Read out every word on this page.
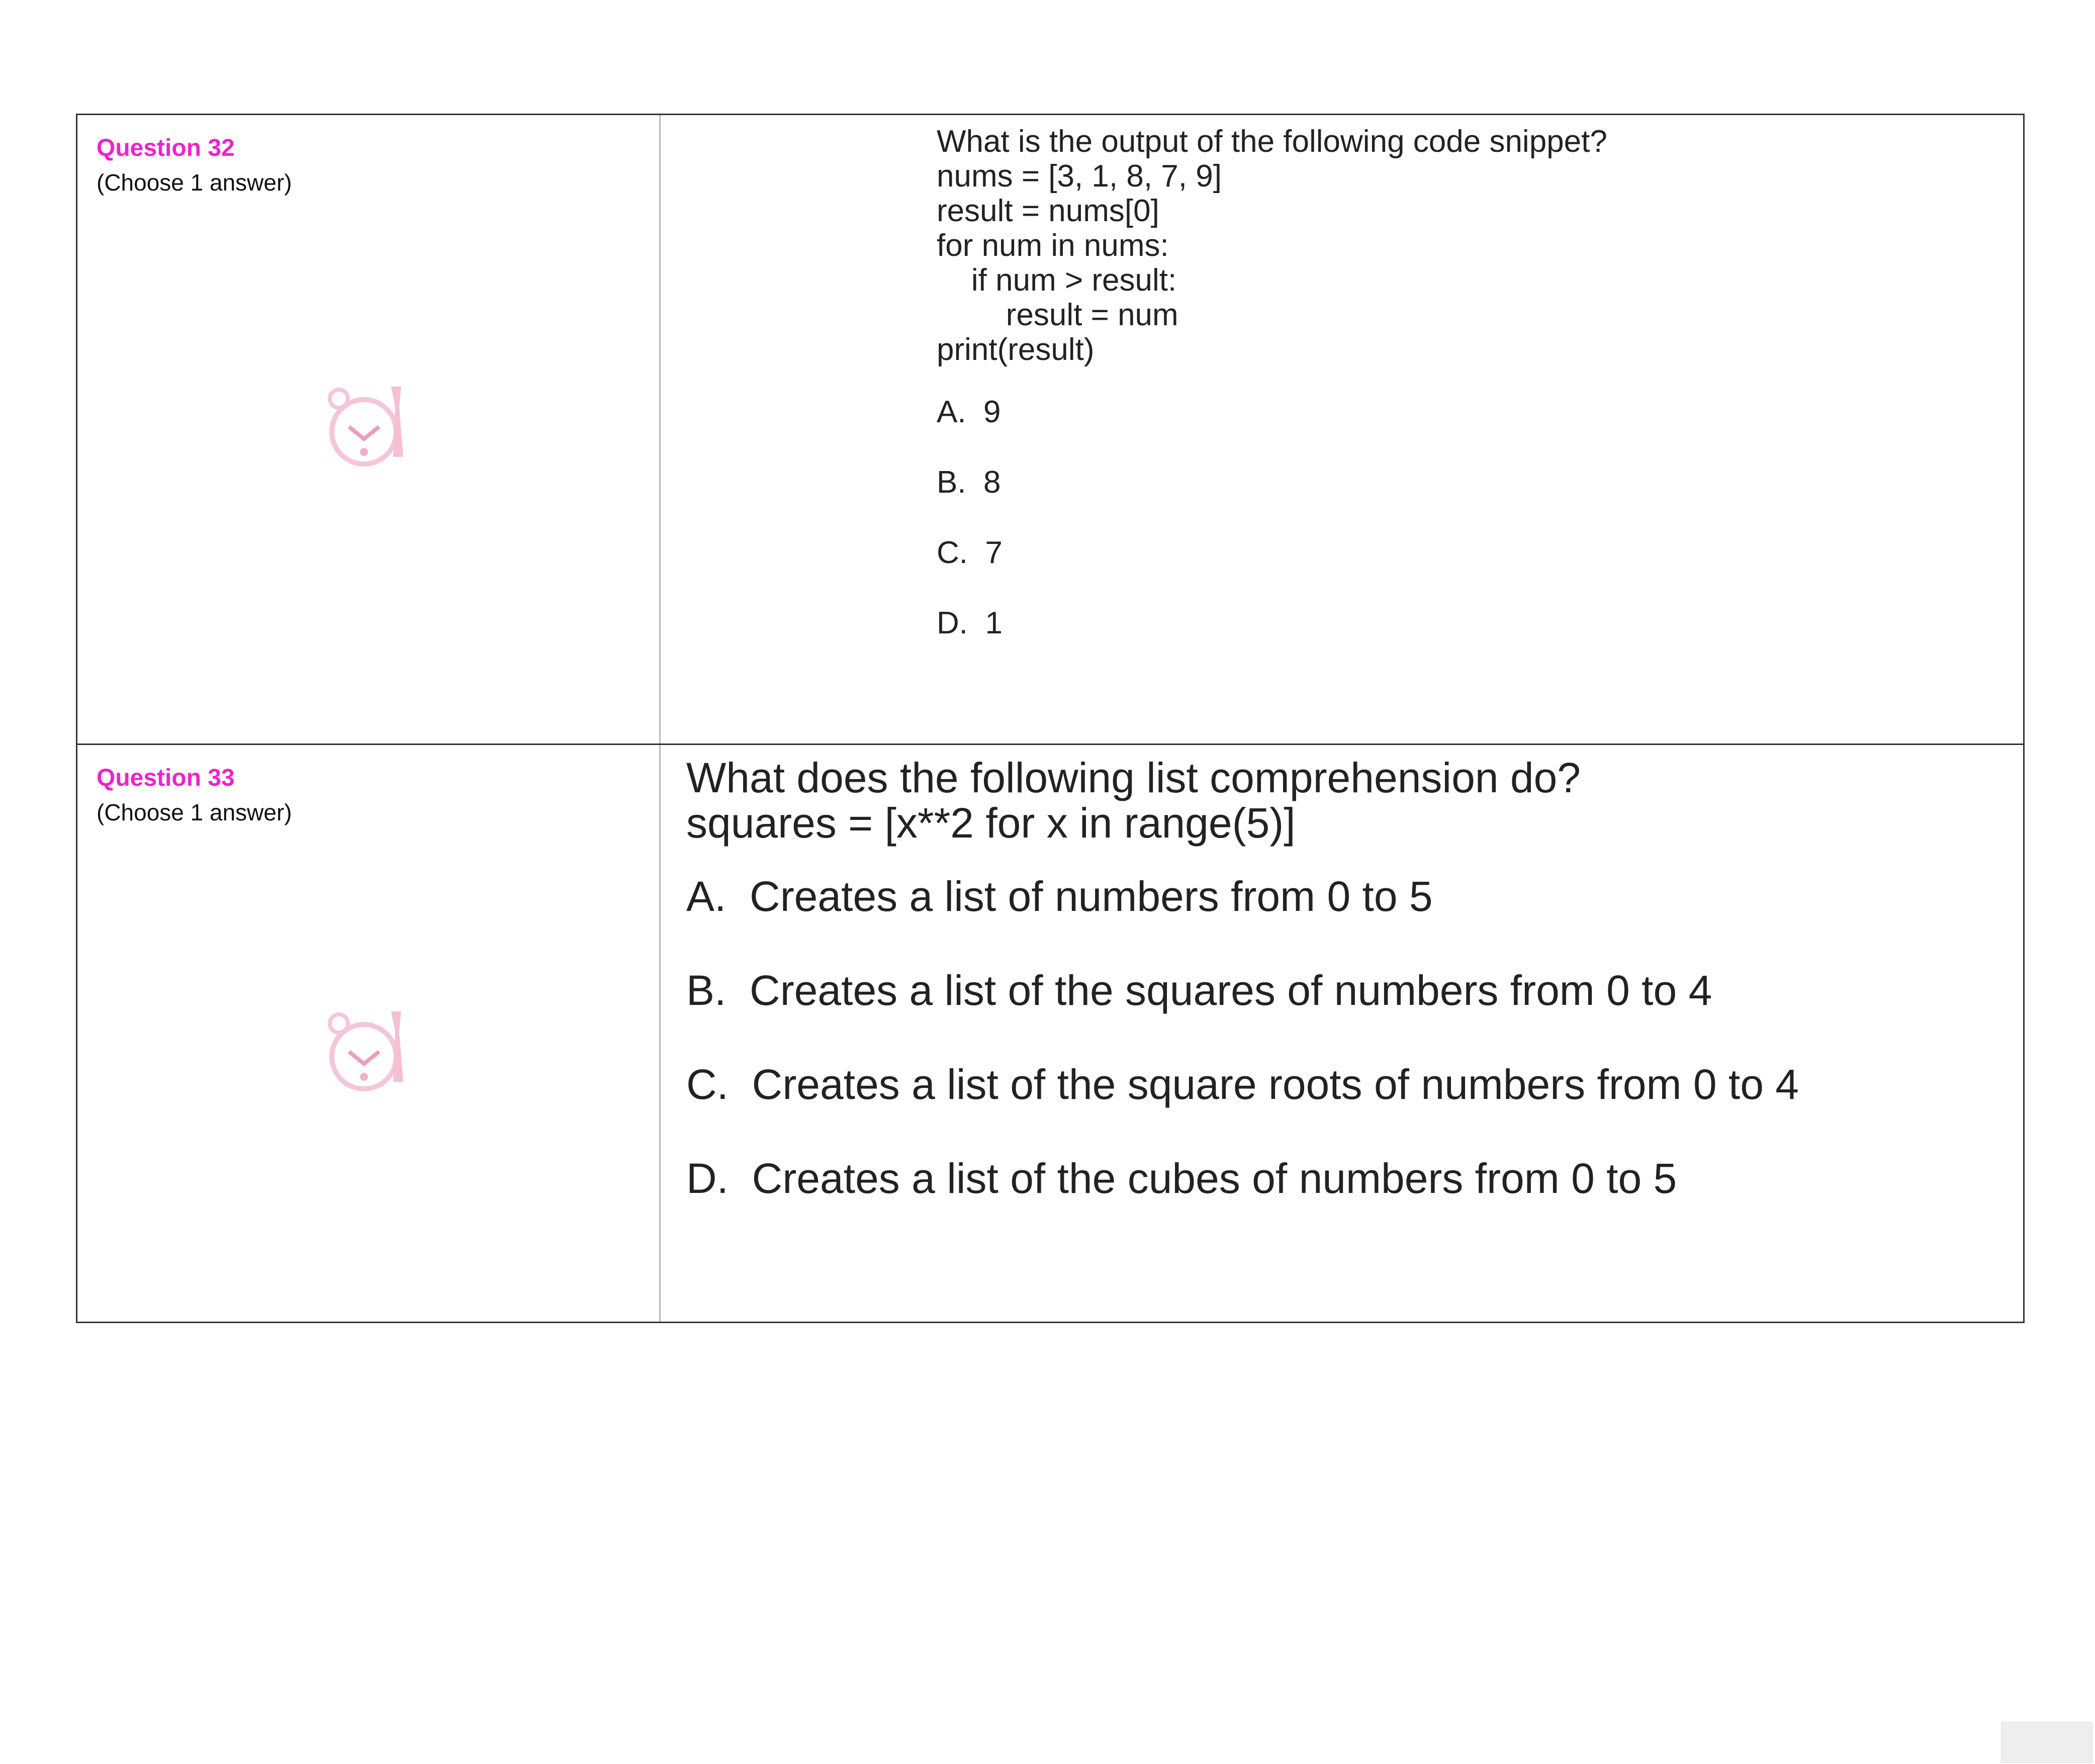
Question 32
(Choose 1 answer)
What is the output of the following code snippet?
nums = [3, 1, 8, 7, 9]
result = nums[0]
for num in nums:
if num > result:
result = num
print(result)
A.  9
B.  8
C.  7
D.  1
Question 33
(Choose 1 answer)
What does the following list comprehension do?
squares = [x**2 for x in range(5)]
A.  Creates a list of numbers from 0 to 5
B.  Creates a list of the squares of numbers from 0 to 4
C.  Creates a list of the square roots of numbers from 0 to 4
D.  Creates a list of the cubes of numbers from 0 to 5
